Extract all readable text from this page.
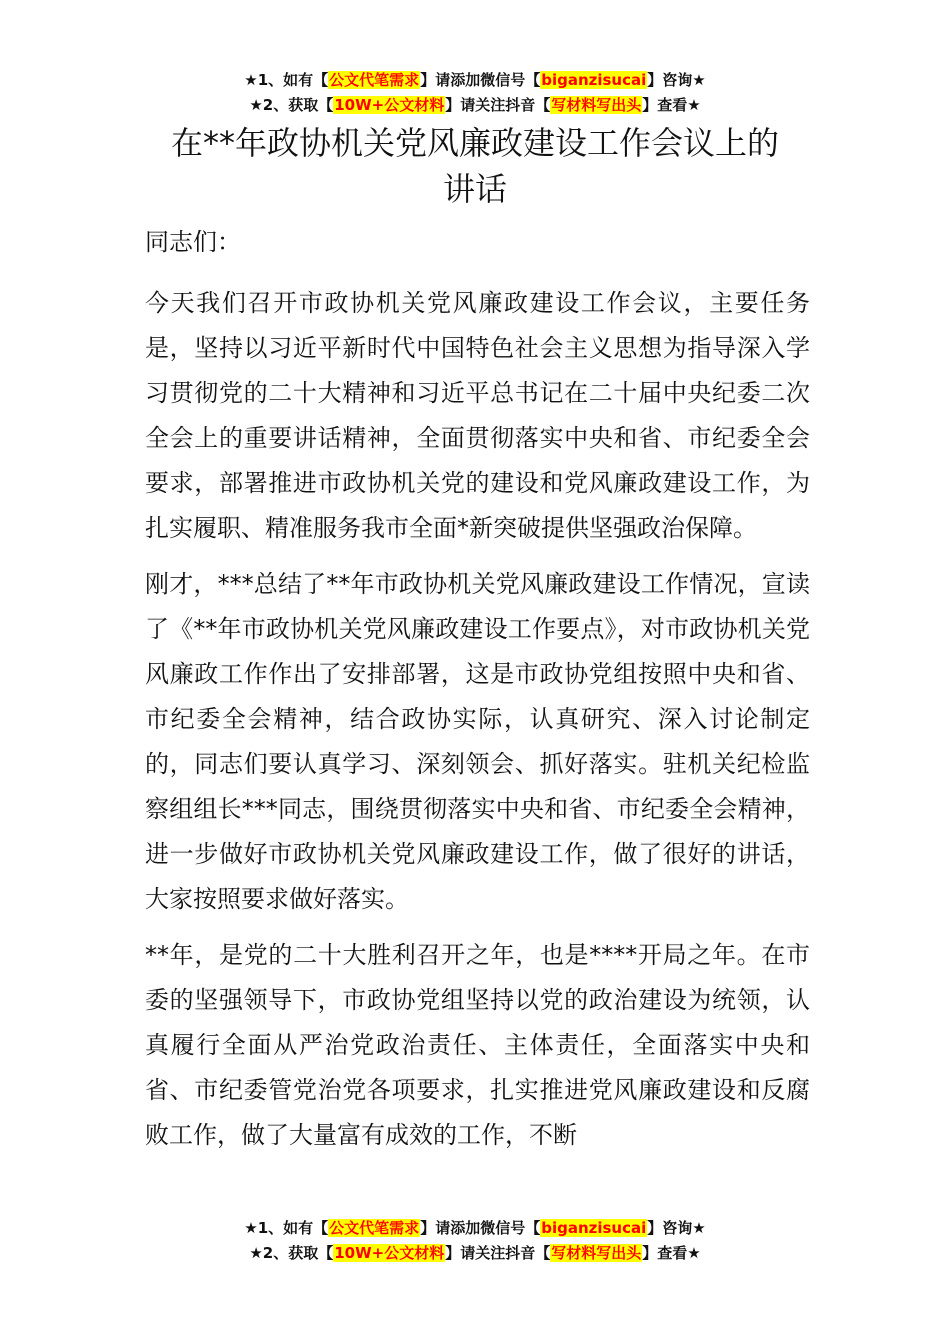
★1、如有【公文代笔需求】请添加微信号【biganzisucai】咨询★
★2、获取【10W+公文材料】请关注抖音【写材料写出头】查看★
在**年政协机关党风廉政建设工作会议上的
讲话

同志们：

今天我们召开市政协机关党风廉政建设工作会议，主要任务是，坚持以习近平新时代中国特色社会主义思想为指导深入学习贯彻党的二十大精神和习近平总书记在二十届中央纪委二次全会上的重要讲话精神，全面贯彻落实中央和省、市纪委全会要求，部署推进市政协机关党的建设和党风廉政建设工作，为扎实履职、精准服务我市全面*新突破提供坚强政治保障。

刚才，***总结了**年市政协机关党风廉政建设工作情况，宣读了《**年市政协机关党风廉政建设工作要点》，对市政协机关党风廉政工作作出了安排部署，这是市政协党组按照中央和省、市纪委全会精神，结合政协实际，认真研究、深入讨论制定的，同志们要认真学习、深刻领会、抓好落实。驻机关纪检监察组组长***同志，围绕贯彻落实中央和省、市纪委全会精神，进一步做好市政协机关党风廉政建设工作，做了很好的讲话，大家按照要求做好落实。

**年，是党的二十大胜利召开之年，也是****开局之年。在市委的坚强领导下，市政协党组坚持以党的政治建设为统领，认真履行全面从严治党政治责任、主体责任，全面落实中央和省、市纪委管党治党各项要求，扎实推进党风廉政建设和反腐败工作，做了大量富有成效的工作，不断

★1、如有【公文代笔需求】请添加微信号【biganzisucai】咨询★
★2、获取【10W+公文材料】请关注抖音【写材料写出头】查看★
